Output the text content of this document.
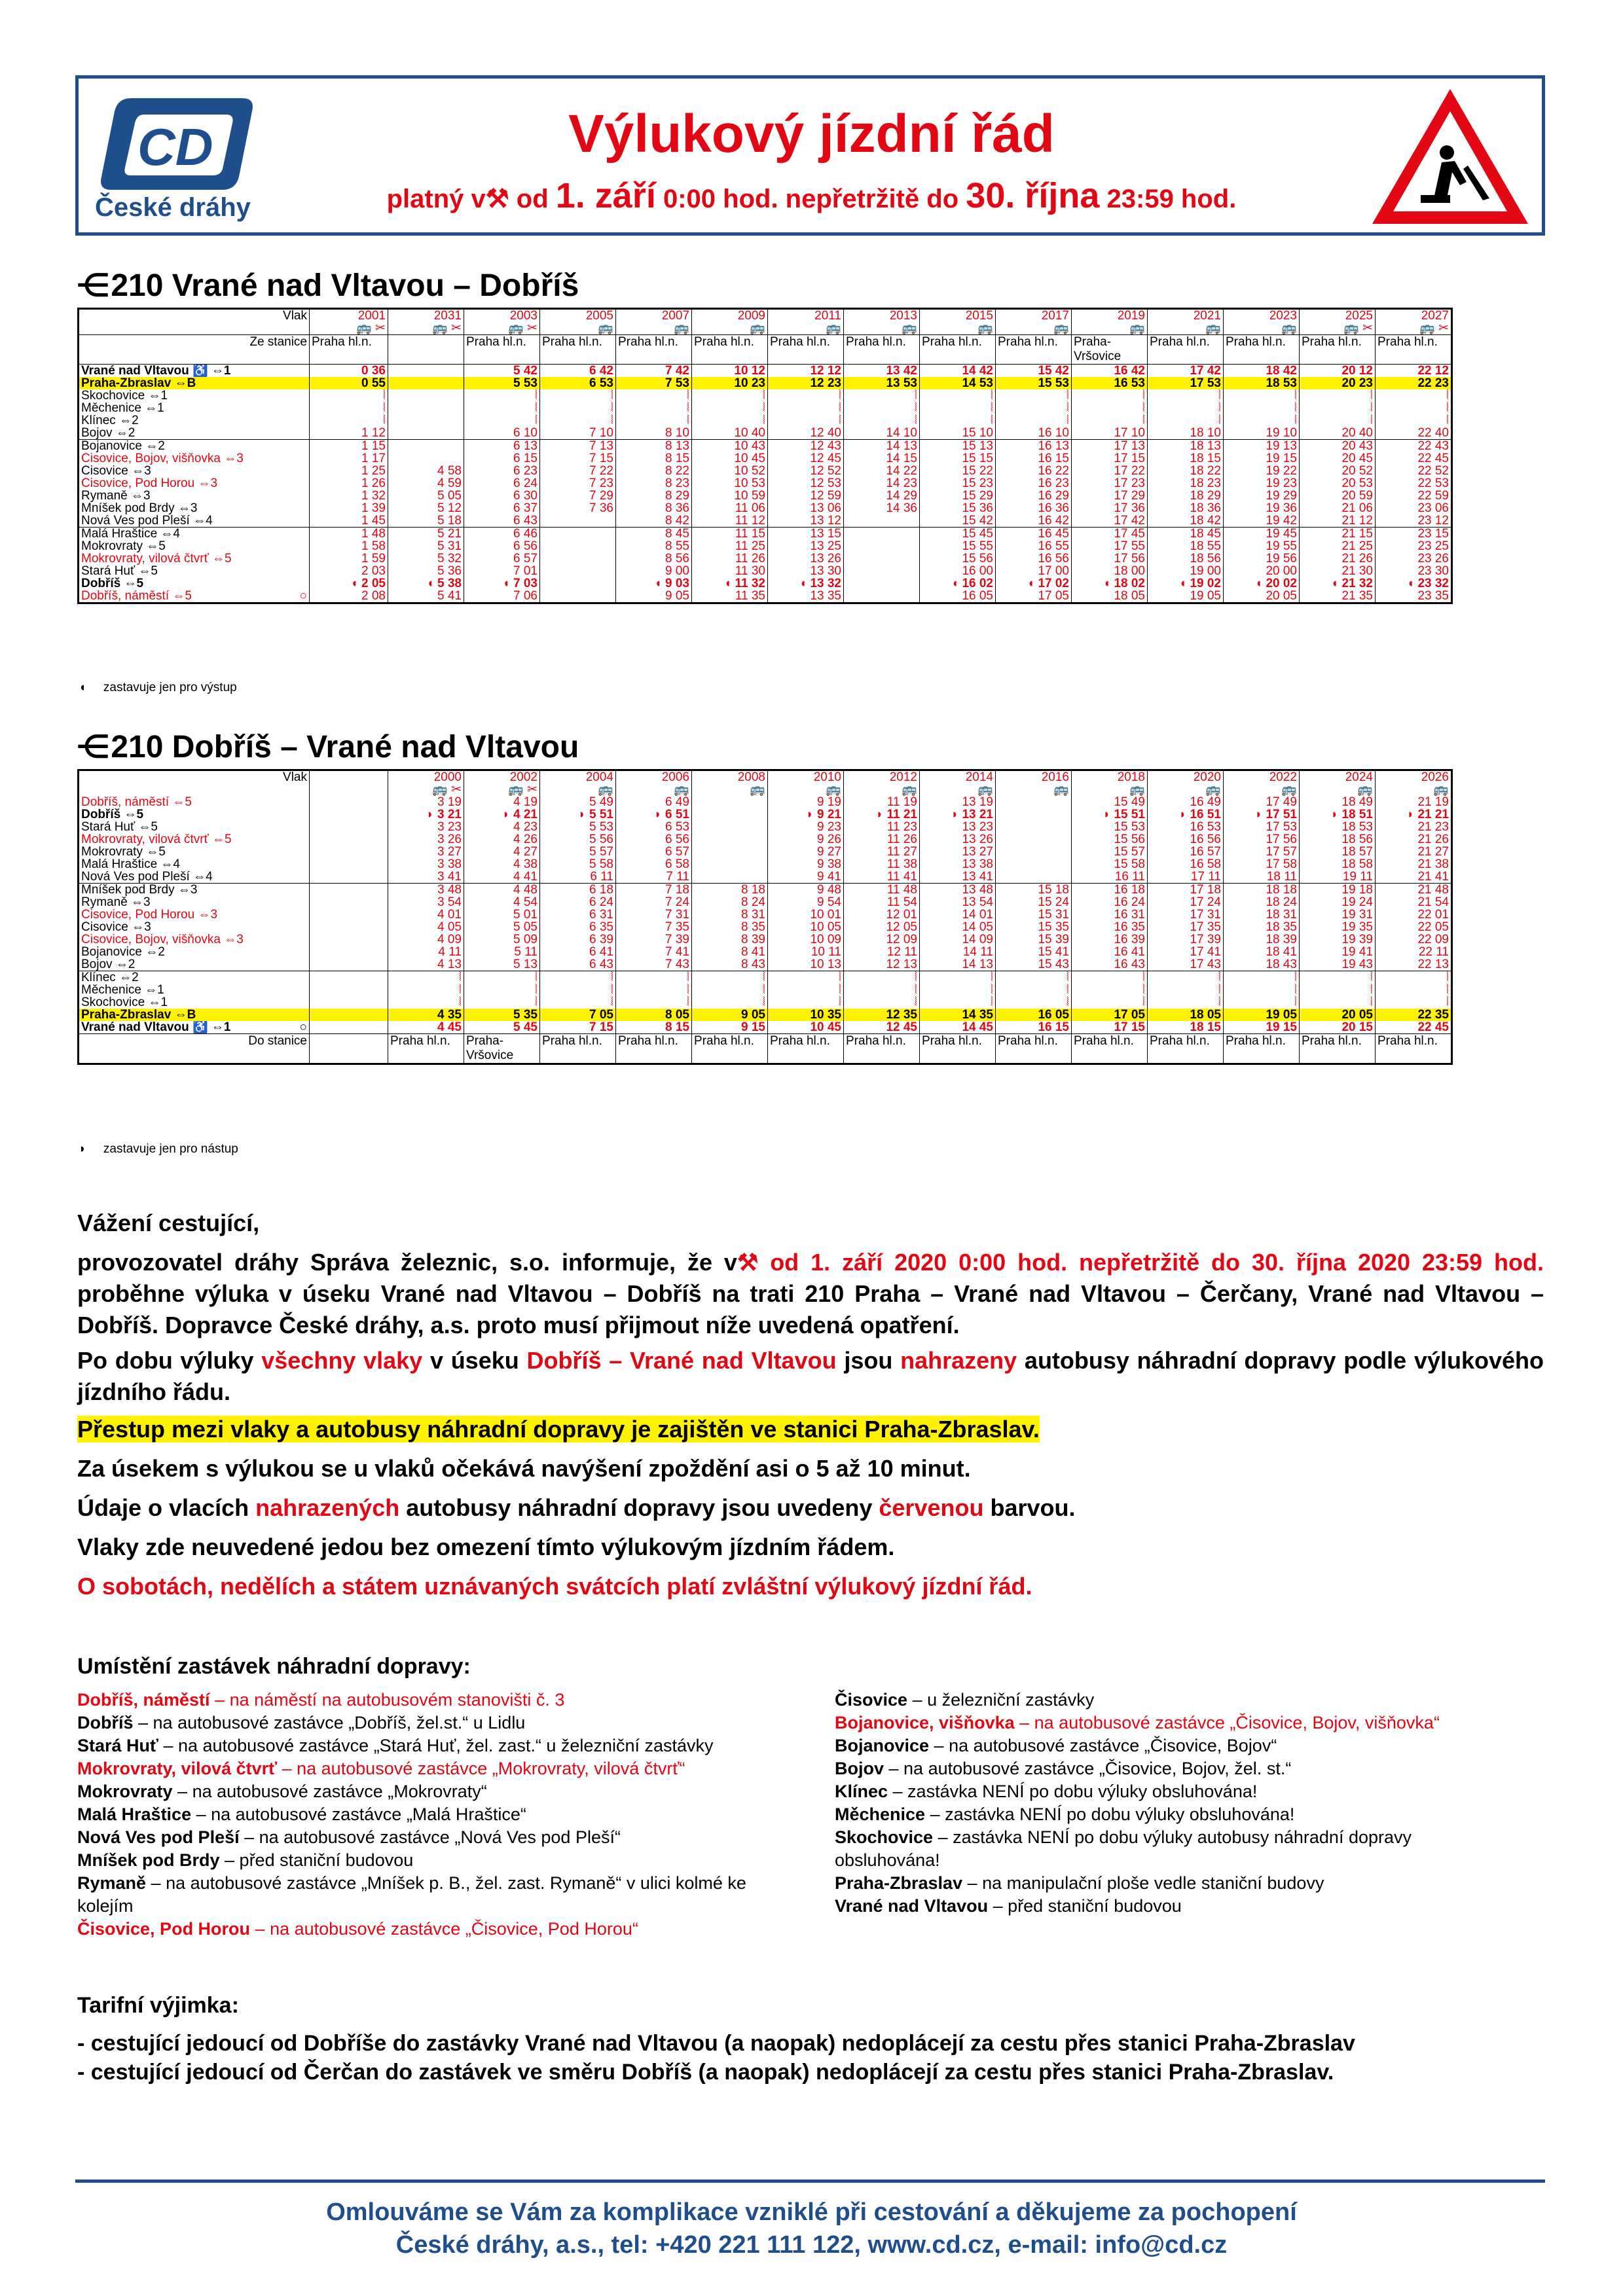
CD
České dráhy
Výlukový jízdní řád
platný v⚒ od 1. září 0:00 hod. nepřetržitě do 30. října 23:59 hod.
⋲ 210 Vrané nad Vltavou – Dobříš
Vlak	2001	2031	2003	2005	2007	2009	2011	2013	2015	2017	2019	2021	2023	2025	2027
	🚌 ✂	🚌 ✂	🚌 ✂	🚌	🚌	🚌	🚌	🚌	🚌	🚌	🚌	🚌	🚌	🚌 ✂	🚌 ✂
Ze stanice	Praha hl.n.		Praha hl.n.	Praha hl.n.	Praha hl.n.	Praha hl.n.	Praha hl.n.	Praha hl.n.	Praha hl.n.	Praha hl.n.	Praha-Vršovice	Praha hl.n.	Praha hl.n.	Praha hl.n.	Praha hl.n.
Vrané nad Vltavou ♿ ⇔1	0 36		5 42	6 42	7 42	10 12	12 12	13 42	14 42	15 42	16 42	17 42	18 42	20 12	22 12
Praha-Zbraslav ⇔B	0 55		5 53	6 53	7 53	10 23	12 23	13 53	14 53	15 53	16 53	17 53	18 53	20 23	22 23
Skochovice ⇔1	⦚		⦚	⦚	⦚	⦚	⦚	⦚	⦚	⦚	⦚	⦚	⦚	⦚	⦚
Měchenice ⇔1	⦚		⦚	⦚	⦚	⦚	⦚	⦚	⦚	⦚	⦚	⦚	⦚	⦚	⦚
Klínec ⇔2	⦚		⦚	⦚	⦚	⦚	⦚	⦚	⦚	⦚	⦚	⦚	⦚	⦚	⦚
Bojov ⇔2	1 12		6 10	7 10	8 10	10 40	12 40	14 10	15 10	16 10	17 10	18 10	19 10	20 40	22 40
Bojanovice ⇔2	1 15		6 13	7 13	8 13	10 43	12 43	14 13	15 13	16 13	17 13	18 13	19 13	20 43	22 43
Čisovice, Bojov, višňovka ⇔3	1 17		6 15	7 15	8 15	10 45	12 45	14 15	15 15	16 15	17 15	18 15	19 15	20 45	22 45
Čisovice ⇔3	1 25	4 58	6 23	7 22	8 22	10 52	12 52	14 22	15 22	16 22	17 22	18 22	19 22	20 52	22 52
Čisovice, Pod Horou ⇔3	1 26	4 59	6 24	7 23	8 23	10 53	12 53	14 23	15 23	16 23	17 23	18 23	19 23	20 53	22 53
Rymaně ⇔3	1 32	5 05	6 30	7 29	8 29	10 59	12 59	14 29	15 29	16 29	17 29	18 29	19 29	20 59	22 59
Mníšek pod Brdy ⇔3	1 39	5 12	6 37	7 36	8 36	11 06	13 06	14 36	15 36	16 36	17 36	18 36	19 36	21 06	23 06
Nová Ves pod Pleší ⇔4	1 45	5 18	6 43		8 42	11 12	13 12		15 42	16 42	17 42	18 42	19 42	21 12	23 12
Malá Hraštice ⇔4	1 48	5 21	6 46		8 45	11 15	13 15		15 45	16 45	17 45	18 45	19 45	21 15	23 15
Mokrovraty ⇔5	1 58	5 31	6 56		8 55	11 25	13 25		15 55	16 55	17 55	18 55	19 55	21 25	23 25
Mokrovraty, vilová čtvrť ⇔5	1 59	5 32	6 57		8 56	11 26	13 26		15 56	16 56	17 56	18 56	19 56	21 26	23 26
Stará Huť ⇔5	2 03	5 36	7 01		9 00	11 30	13 30		16 00	17 00	18 00	19 00	20 00	21 30	23 30
Dobříš ⇔5	◖ 2 05	◖ 5 38	◖ 7 03		◖ 9 03	◖ 11 32	◖ 13 32		◖ 16 02	◖ 17 02	◖ 18 02	◖ 19 02	◖ 20 02	◖ 21 32	◖ 23 32
Dobříš, náměstí ⇔5 ○	2 08	5 41	7 06		9 05	11 35	13 35		16 05	17 05	18 05	19 05	20 05	21 35	23 35
◖ zastavuje jen pro výstup
⋲ 210 Dobříš – Vrané nad Vltavou
Vlak		2000	2002	2004	2006	2008	2010	2012	2014	2016	2018	2020	2022	2024	2026
		🚌 ✂	🚌 ✂	🚌	🚌	🚌	🚌	🚌	🚌	🚌	🚌	🚌	🚌	🚌	🚌
Dobříš, náměstí ⇔5		3 19	4 19	5 49	6 49		9 19	11 19	13 19		15 49	16 49	17 49	18 49	21 19
Dobříš ⇔5		◗ 3 21	◗ 4 21	◗ 5 51	◗ 6 51		◗ 9 21	◗ 11 21	◗ 13 21		◗ 15 51	◗ 16 51	◗ 17 51	◗ 18 51	◗ 21 21
Stará Huť ⇔5		3 23	4 23	5 53	6 53		9 23	11 23	13 23		15 53	16 53	17 53	18 53	21 23
Mokrovraty, vilová čtvrť ⇔5		3 26	4 26	5 56	6 56		9 26	11 26	13 26		15 56	16 56	17 56	18 56	21 26
Mokrovraty ⇔5		3 27	4 27	5 57	6 57		9 27	11 27	13 27		15 57	16 57	17 57	18 57	21 27
Malá Hraštice ⇔4		3 38	4 38	5 58	6 58		9 38	11 38	13 38		15 58	16 58	17 58	18 58	21 38
Nová Ves pod Pleší ⇔4		3 41	4 41	6 11	7 11		9 41	11 41	13 41		16 11	17 11	18 11	19 11	21 41
Mníšek pod Brdy ⇔3		3 48	4 48	6 18	7 18	8 18	9 48	11 48	13 48	15 18	16 18	17 18	18 18	19 18	21 48
Rymaně ⇔3		3 54	4 54	6 24	7 24	8 24	9 54	11 54	13 54	15 24	16 24	17 24	18 24	19 24	21 54
Čisovice, Pod Horou ⇔3		4 01	5 01	6 31	7 31	8 31	10 01	12 01	14 01	15 31	16 31	17 31	18 31	19 31	22 01
Čisovice ⇔3		4 05	5 05	6 35	7 35	8 35	10 05	12 05	14 05	15 35	16 35	17 35	18 35	19 35	22 05
Čisovice, Bojov, višňovka ⇔3		4 09	5 09	6 39	7 39	8 39	10 09	12 09	14 09	15 39	16 39	17 39	18 39	19 39	22 09
Bojanovice ⇔2		4 11	5 11	6 41	7 41	8 41	10 11	12 11	14 11	15 41	16 41	17 41	18 41	19 41	22 11
Bojov ⇔2		4 13	5 13	6 43	7 43	8 43	10 13	12 13	14 13	15 43	16 43	17 43	18 43	19 43	22 13
Klínec ⇔2		⦚	⦚	⦚	⦚	⦚	⦚	⦚	⦚	⦚	⦚	⦚	⦚	⦚	⦚
Měchenice ⇔1		⦚	⦚	⦚	⦚	⦚	⦚	⦚	⦚	⦚	⦚	⦚	⦚	⦚	⦚
Skochovice ⇔1		⦚	⦚	⦚	⦚	⦚	⦚	⦚	⦚	⦚	⦚	⦚	⦚	⦚	⦚
Praha-Zbraslav ⇔B		4 35	5 35	7 05	8 05	9 05	10 35	12 35	14 35	16 05	17 05	18 05	19 05	20 05	22 35
Vrané nad Vltavou ♿ ⇔1 ○		4 45	5 45	7 15	8 15	9 15	10 45	12 45	14 45	16 15	17 15	18 15	19 15	20 15	22 45
Do stanice		Praha hl.n.	Praha-Vršovice	Praha hl.n.	Praha hl.n.	Praha hl.n.	Praha hl.n.	Praha hl.n.	Praha hl.n.	Praha hl.n.	Praha hl.n.	Praha hl.n.	Praha hl.n.	Praha hl.n.	Praha hl.n.
◗ zastavuje jen pro nástup
Vážení cestující,
provozovatel dráhy Správa železnic, s.o. informuje, že v⚒ od 1. září 2020 0:00 hod. nepřetržitě do 30. října 2020 23:59 hod. proběhne výluka v úseku Vrané nad Vltavou – Dobříš na trati 210 Praha – Vrané nad Vltavou – Čerčany, Vrané nad Vltavou – Dobříš. Dopravce České dráhy, a.s. proto musí přijmout níže uvedená opatření.
Po dobu výluky všechny vlaky v úseku Dobříš – Vrané nad Vltavou jsou nahrazeny autobusy náhradní dopravy podle výlukového jízdního řádu.
Přestup mezi vlaky a autobusy náhradní dopravy je zajištěn ve stanici Praha-Zbraslav.
Za úsekem s výlukou se u vlaků očekává navýšení zpoždění asi o 5 až 10 minut.
Údaje o vlacích nahrazených autobusy náhradní dopravy jsou uvedeny červenou barvou.
Vlaky zde neuvedené jedou bez omezení tímto výlukovým jízdním řádem.
O sobotách, nedělích a státem uznávaných svátcích platí zvláštní výlukový jízdní řád.
Umístění zastávek náhradní dopravy:
Dobříš, náměstí – na náměstí na autobusovém stanovišti č. 3
Dobříš – na autobusové zastávce „Dobříš, žel.st.“ u Lidlu
Stará Huť – na autobusové zastávce „Stará Huť, žel. zast.“ u železniční zastávky
Mokrovraty, vilová čtvrť – na autobusové zastávce „Mokrovraty, vilová čtvrť“
Mokrovraty – na autobusové zastávce „Mokrovraty“
Malá Hraštice – na autobusové zastávce „Malá Hraštice“
Nová Ves pod Pleší – na autobusové zastávce „Nová Ves pod Pleší“
Mníšek pod Brdy – před staniční budovou
Rymaně – na autobusové zastávce „Mníšek p. B., žel. zast. Rymaně“ v ulici kolmé ke kolejím
Čisovice, Pod Horou – na autobusové zastávce „Čisovice, Pod Horou“
Čisovice – u železniční zastávky
Bojanovice, višňovka – na autobusové zastávce „Čisovice, Bojov, višňovka“
Bojanovice – na autobusové zastávce „Čisovice, Bojov“
Bojov – na autobusové zastávce „Čisovice, Bojov, žel. st.“
Klínec – zastávka NENÍ po dobu výluky obsluhována!
Měchenice – zastávka NENÍ po dobu výluky obsluhována!
Skochovice – zastávka NENÍ po dobu výluky autobusy náhradní dopravy obsluhována!
Praha-Zbraslav – na manipulační ploše vedle staniční budovy
Vrané nad Vltavou – před staniční budovou
Tarifní výjimka:
- cestující jedoucí od Dobříše do zastávky Vrané nad Vltavou (a naopak) nedoplácejí za cestu přes stanici Praha-Zbraslav
- cestující jedoucí od Čerčan do zastávek ve směru Dobříš (a naopak) nedoplácejí za cestu přes stanici Praha-Zbraslav.
Omlouváme se Vám za komplikace vzniklé při cestování a děkujeme za pochopení
České dráhy, a.s., tel: +420 221 111 122, www.cd.cz, e-mail: info@cd.cz
